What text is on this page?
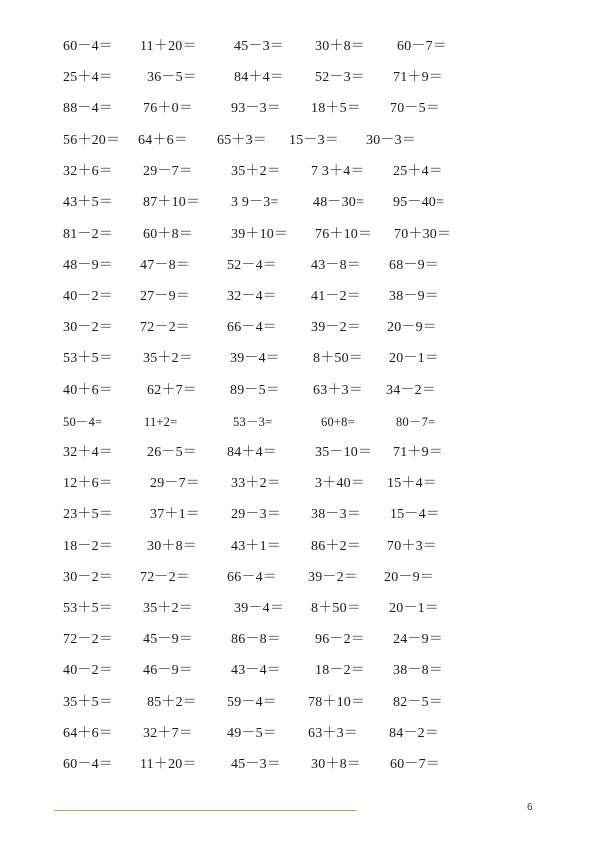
60－4＝ 11＋20＝	45－3＝ 30＋8＝ 60－7＝
25＋4＝ 36－5＝	84＋4＝ 52－3＝ 71＋9＝
88－4＝ 76＋0＝	93－3＝ 18＋5＝ 70－5＝
56＋20＝ 64＋6＝ 65＋3＝ 15－3＝ 30－3＝
32＋6＝ 29－7＝	35＋2＝ 7 3＋4＝ 25＋4＝
43＋5＝ 87＋10＝ 3 9－3= 48－30= 95－40=
81－2＝ 60＋8＝	39＋10＝ 76＋10＝ 70＋30＝
48－9＝ 47－8＝	52－4＝ 43－8＝ 68－9＝
40－2＝ 27－9＝	32－4＝ 41－2＝ 38－9＝
30－2＝ 72－2＝	66－4＝ 39－2＝ 20－9＝
53＋5＝ 35＋2＝	39－4＝ 8＋50＝ 20－1＝
40＋6＝ 62＋7＝ 89－5＝ 63＋3＝ 34－2＝
50－4=	11+2=	53－3=	60+8=	80－7=
32＋4＝ 26－5＝ 84＋4＝	35－10＝ 71＋9＝
12＋6＝	29－7＝ 33＋2＝ 3＋40＝ 15＋4＝
23＋5＝	37＋1＝ 29－3＝ 38－3＝ 15－4＝
18－2＝ 30＋8＝ 43＋1＝ 86＋2＝ 70＋3＝
30－2＝ 72－2＝	66－4＝ 39－2＝ 20－9＝
53＋5＝ 35＋2＝	39－4＝ 8＋50＝ 20－1＝
72－2＝ 45－9＝	86－8＝ 96－2＝ 24－9＝
40－2＝ 46－9＝	43－4＝ 18－2＝ 38－8＝
35＋5＝ 85＋2＝ 59－4＝ 78＋10＝ 82－5＝
64＋6＝ 32＋7＝ 49－5＝ 63＋3＝ 84－2＝
60－4＝ 11＋20＝ 45－3＝ 30＋8＝ 60－7＝
6
